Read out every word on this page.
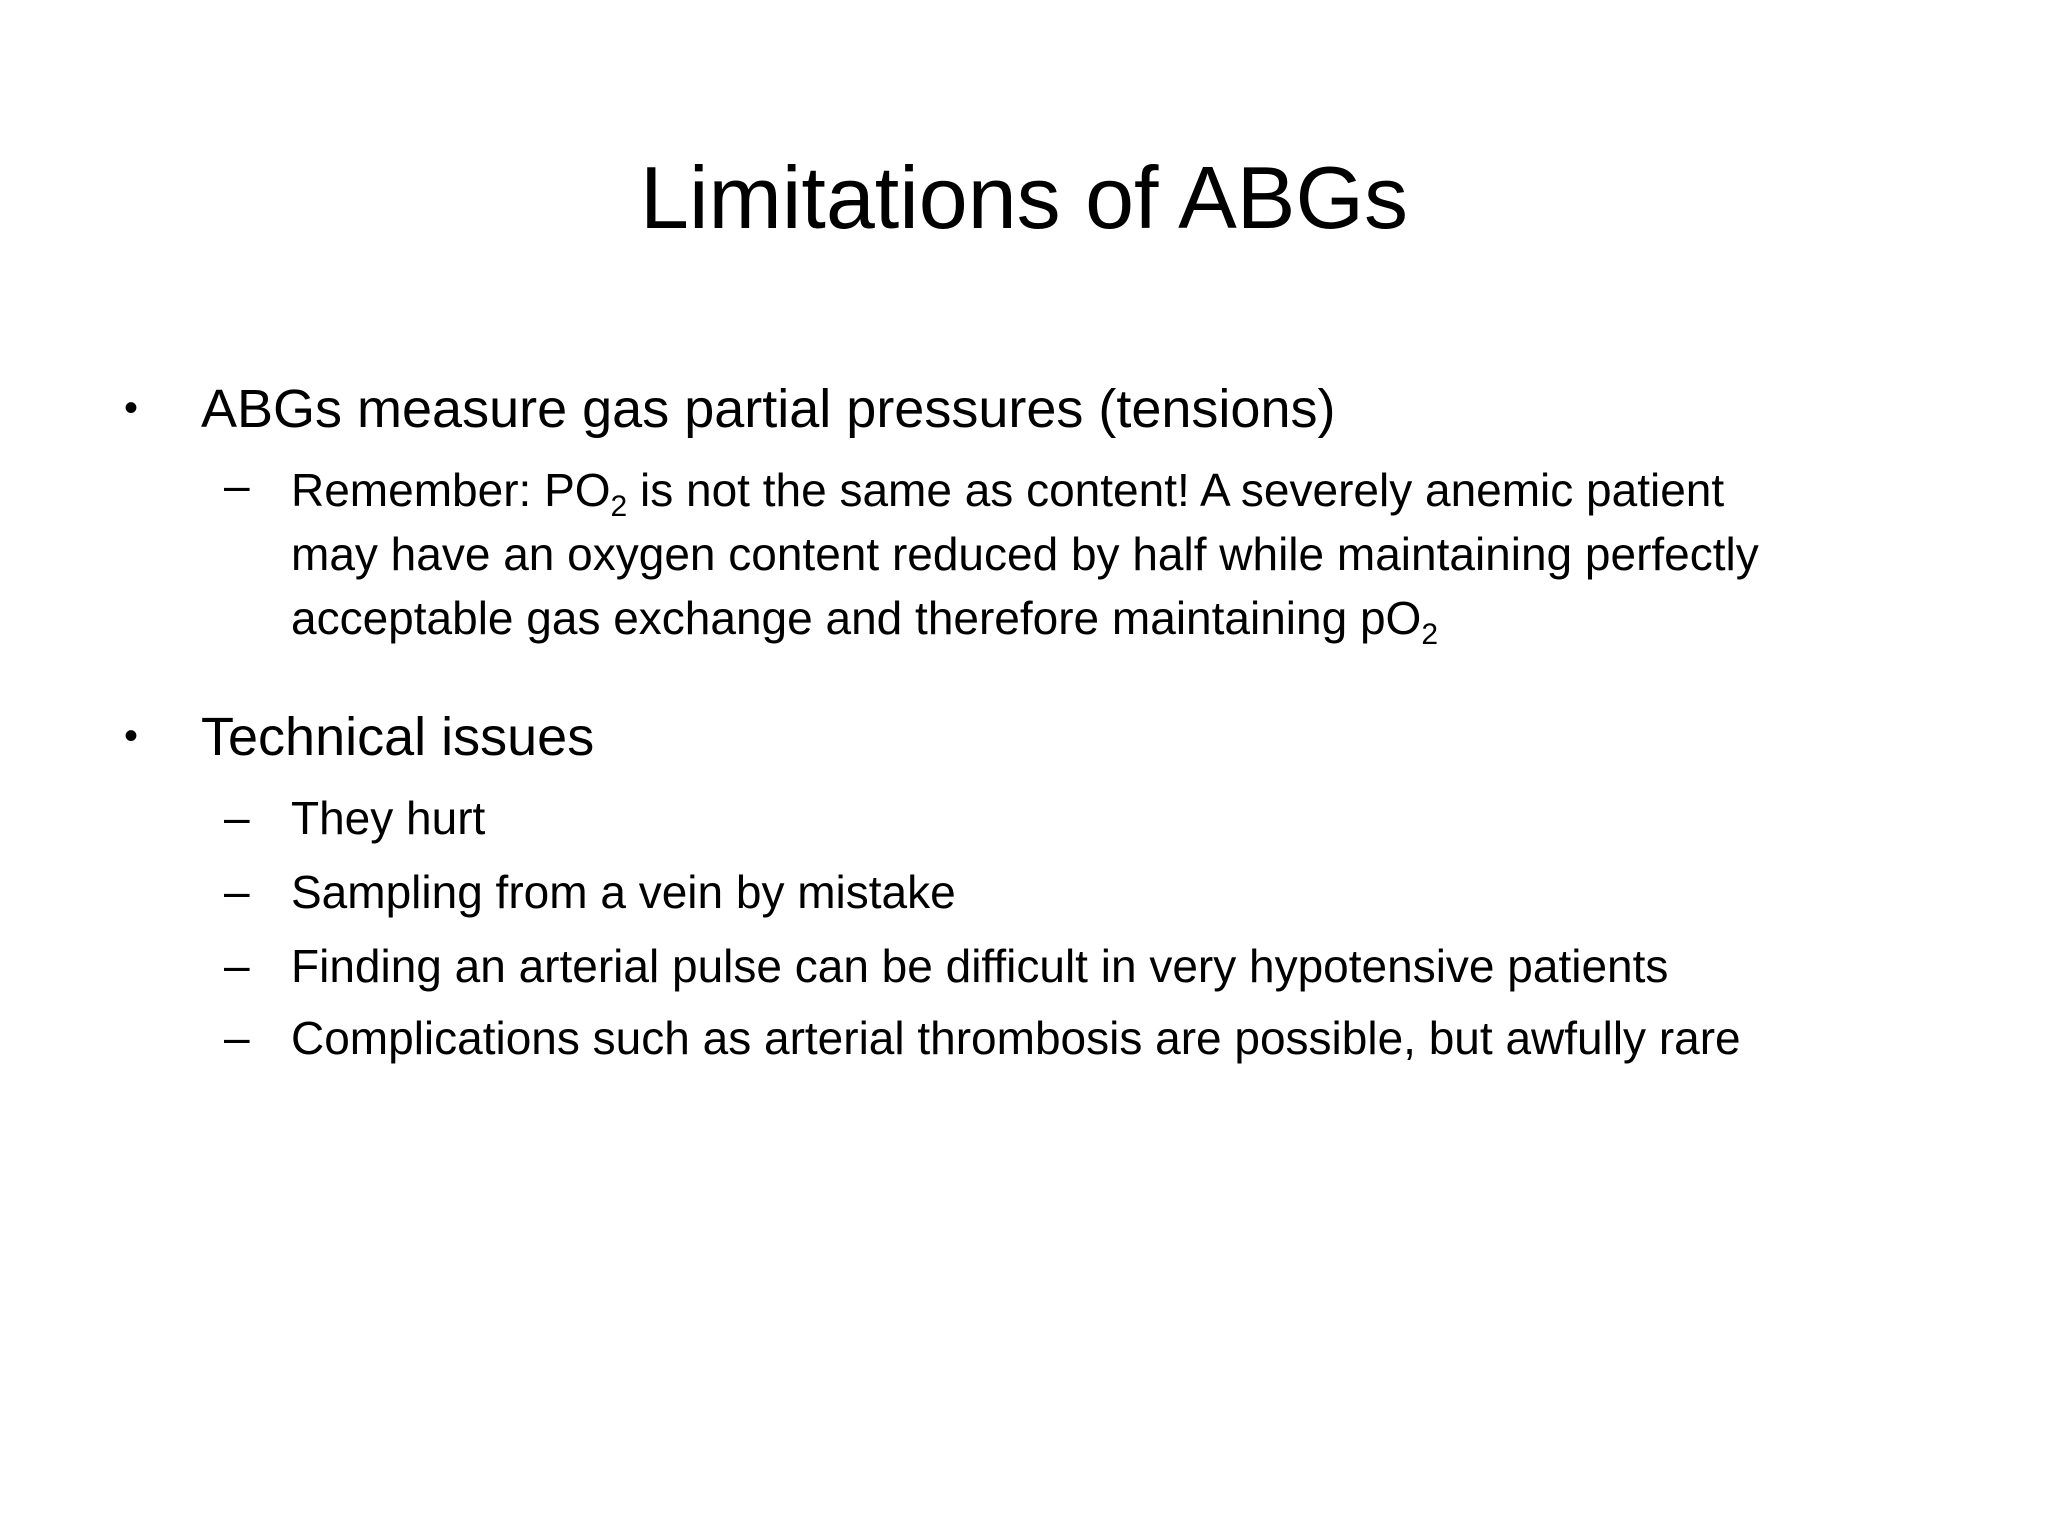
Limitations of ABGs
• ABGs measure gas partial pressures (tensions)
– Remember: $PO_2$ is not the same as content! A severely anemic patient
may have an oxygen content reduced by half while maintaining perfectly
acceptable gas exchange and therefore maintaining $pO_2$
• Technical issues
– They hurt
– Sampling from a vein by mistake
– Finding an arterial pulse can be difficult in very hypotensive patients
– Complications such as arterial thrombosis are possible, but awfully rare
